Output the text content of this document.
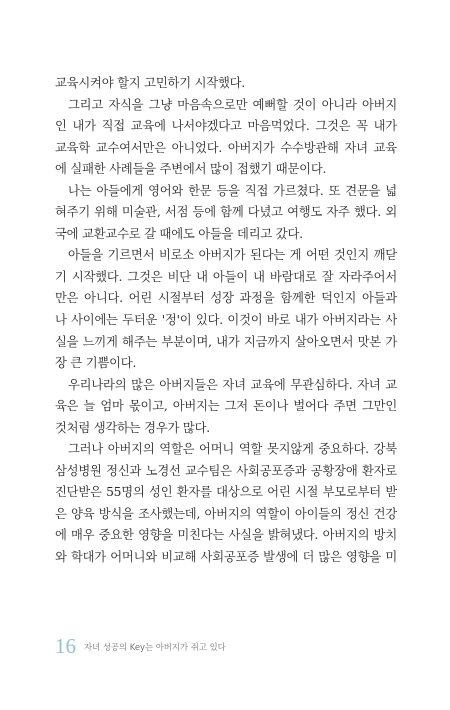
교육시켜야 할지 고민하기 시작했다.
그리고 자식을 그냥 마음속으로만 예뻐할 것이 아니라 아버지
인 내가 직접 교육에 나서야겠다고 마음먹었다. 그것은 꼭 내가
교육학 교수여서만은 아니었다. 아버지가 수수방관해 자녀 교육
에 실패한 사례들을 주변에서 많이 접했기 때문이다.
나는 아들에게 영어와 한문 등을 직접 가르쳤다. 또 견문을 넓
혀주기 위해 미술관, 서점 등에 함께 다녔고 여행도 자주 했다. 외
국에 교환교수로 갈 때에도 아들을 데리고 갔다.
아들을 기르면서 비로소 아버지가 된다는 게 어떤 것인지 깨닫
기 시작했다. 그것은 비단 내 아들이 내 바람대로 잘 자라주어서
만은 아니다. 어린 시절부터 성장 과정을 함께한 덕인지 아들과
나 사이에는 두터운 '정'이 있다. 이것이 바로 내가 아버지라는 사
실을 느끼게 해주는 부분이며, 내가 지금까지 살아오면서 맛본 가
장 큰 기쁨이다.
우리나라의 많은 아버지들은 자녀 교육에 무관심하다. 자녀 교
육은 늘 엄마 몫이고, 아버지는 그저 돈이나 벌어다 주면 그만인
것처럼 생각하는 경우가 많다.
그러나 아버지의 역할은 어머니 역할 못지않게 중요하다. 강북
삼성병원 정신과 노경선 교수팀은 사회공포증과 공황장애 환자로
진단받은 55명의 성인 환자를 대상으로 어린 시절 부모로부터 받
은 양육 방식을 조사했는데, 아버지의 역할이 아이들의 정신 건강
에 매우 중요한 영향을 미친다는 사실을 밝혀냈다. 아버지의 방치
와 학대가 어머니와 비교해 사회공포증 발생에 더 많은 영향을 미
16 자녀 성공의 Key는 아버지가 쥐고 있다
